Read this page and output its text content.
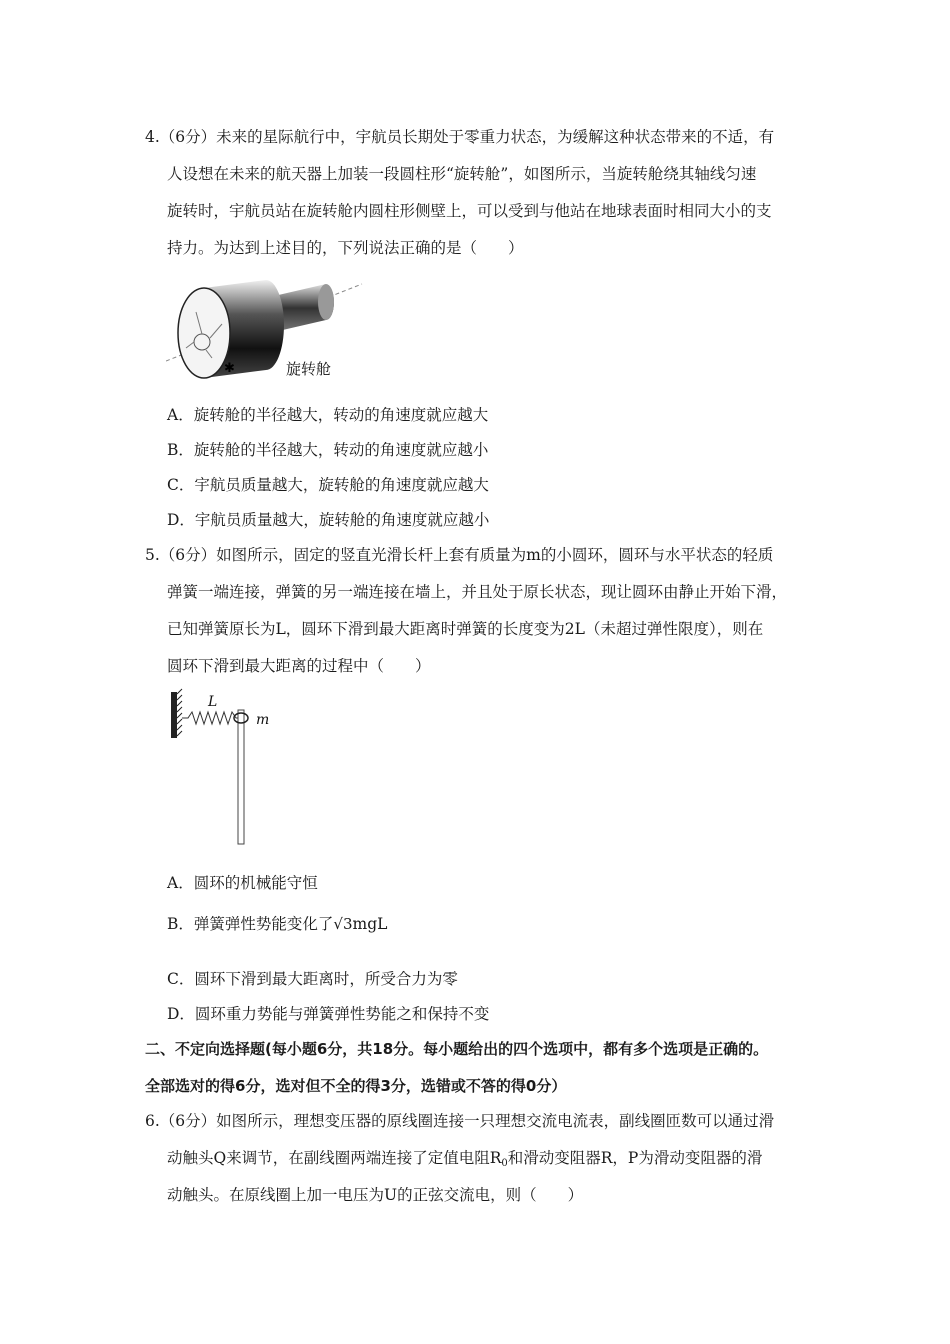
4.（6分）未来的星际航行中，宇航员长期处于零重力状态，为缓解这种状态带来的不适，有
人设想在未来的航天器上加装一段圆柱形“旋转舱”，如图所示，当旋转舱绕其轴线匀速
旋转时，宇航员站在旋转舱内圆柱形侧壁上，可以受到与他站在地球表面时相同大小的支
持力。为达到上述目的，下列说法正确的是（　　）
✱	旋转舱
A．旋转舱的半径越大，转动的角速度就应越大
B．旋转舱的半径越大，转动的角速度就应越小
C．宇航员质量越大，旋转舱的角速度就应越大
D．宇航员质量越大，旋转舱的角速度就应越小
5.（6分）如图所示，固定的竖直光滑长杆上套有质量为m的小圆环，圆环与水平状态的轻质
弹簧一端连接，弹簧的另一端连接在墙上，并且处于原长状态，现让圆环由静止开始下滑，
已知弹簧原长为L，圆环下滑到最大距离时弹簧的长度变为2L（未超过弹性限度），则在
圆环下滑到最大距离的过程中（　　）
L
m
A．圆环的机械能守恒
B．弹簧弹性势能变化了√3mgL
C．圆环下滑到最大距离时，所受合力为零
D．圆环重力势能与弹簧弹性势能之和保持不变
二、不定向选择题(每小题6分，共18分。每小题给出的四个选项中，都有多个选项是正确的。
全部选对的得6分，选对但不全的得3分，选错或不答的得0分）
6.（6分）如图所示，理想变压器的原线圈连接一只理想交流电流表，副线圈匝数可以通过滑
动触头Q来调节，在副线圈两端连接了定值电阻$R_0$和滑动变阻器R，P为滑动变阻器的滑
动触头。在原线圈上加一电压为U的正弦交流电，则（　　）
